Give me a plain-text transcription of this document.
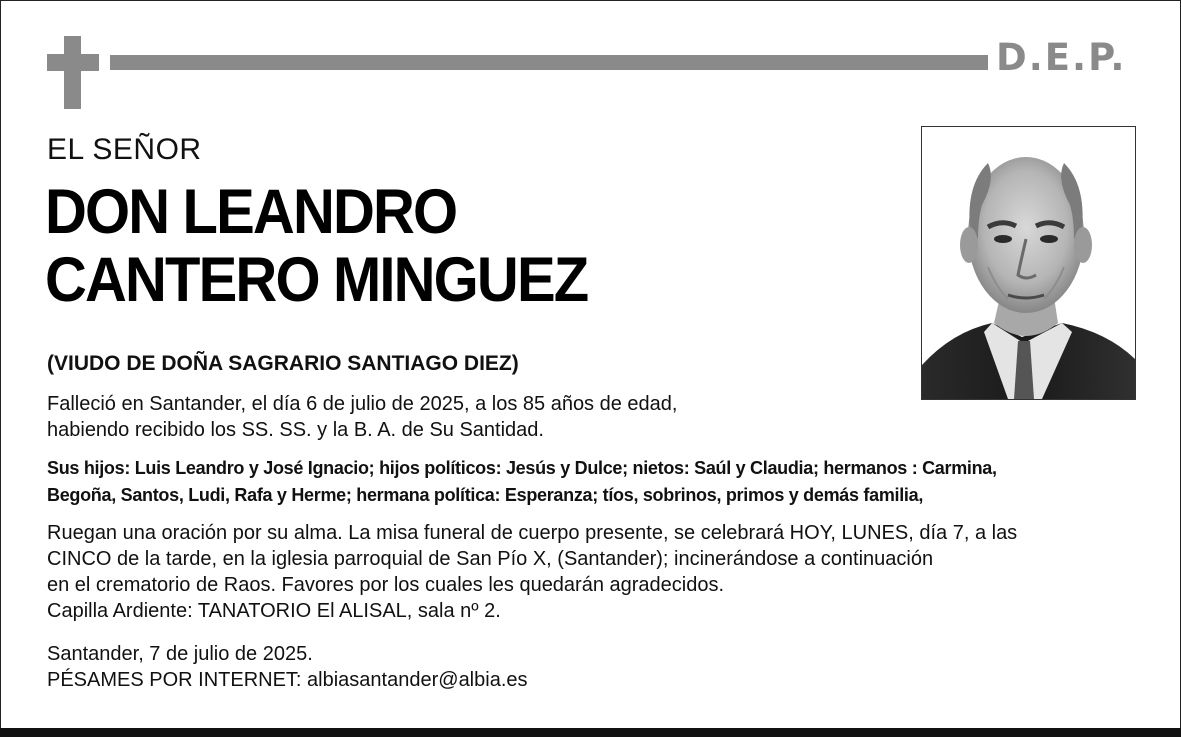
D.E.P.
EL SEÑOR
DON LEANDRO
CANTERO MINGUEZ
(VIUDO DE DOÑA SAGRARIO SANTIAGO DIEZ)
Falleció en Santander, el día 6 de julio de 2025, a los 85 años de edad,
habiendo recibido los SS. SS. y la B. A. de Su Santidad.
Sus hijos: Luis Leandro y José Ignacio; hijos políticos: Jesús y Dulce; nietos: Saúl y Claudia; hermanos : Carmina,
Begoña, Santos, Ludi, Rafa y Herme; hermana política: Esperanza; tíos, sobrinos, primos y demás familia,
Ruegan una oración por su alma. La misa funeral de cuerpo presente, se celebrará HOY, LUNES, día 7, a las
CINCO de la tarde, en la iglesia parroquial de San Pío X, (Santander); incinerándose a continuación
en el crematorio de Raos. Favores por los cuales les quedarán agradecidos.
Capilla Ardiente: TANATORIO El ALISAL, sala nº 2.
Santander, 7 de julio de 2025.
PÉSAMES POR INTERNET: albiasantander@albia.es
